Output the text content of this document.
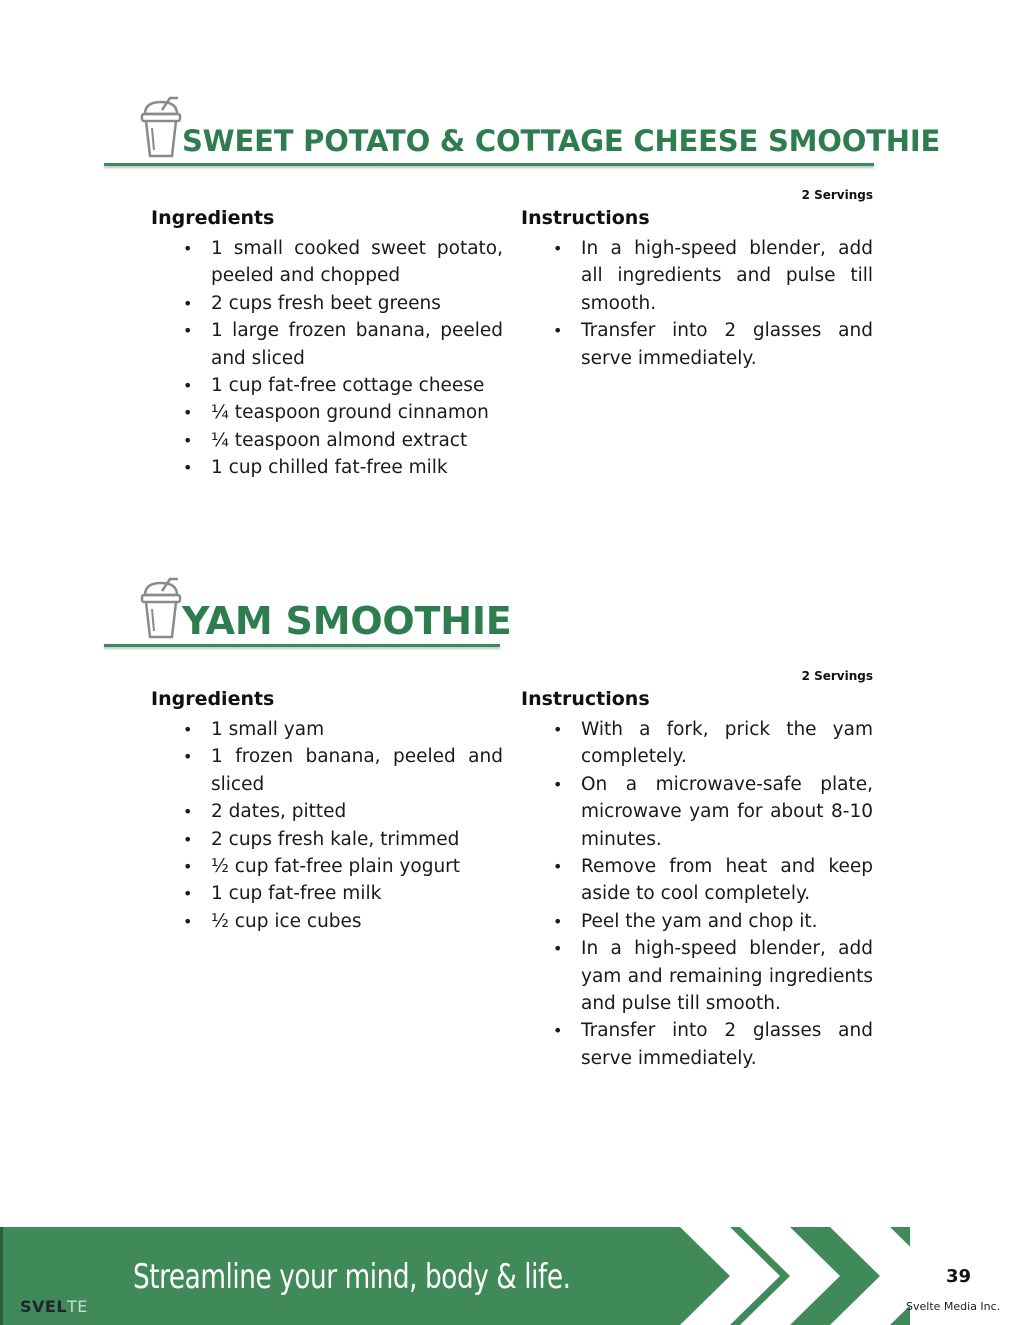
SWEET POTATO & COTTAGE CHEESE SMOOTHIE
2 Servings
Ingredients
• 1 small cooked sweet potato, peeled and chopped
• 2 cups fresh beet greens
• 1 large frozen banana, peeled and sliced
• 1 cup fat-free cottage cheese
• ¼ teaspoon ground cinnamon
• ¼ teaspoon almond extract
• 1 cup chilled fat-free milk
Instructions
• In a high-speed blender, add all ingredients and pulse till smooth.
• Transfer into 2 glasses and serve immediately.
YAM SMOOTHIE
2 Servings
Ingredients
• 1 small yam
• 1 frozen banana, peeled and sliced
• 2 dates, pitted
• 2 cups fresh kale, trimmed
• ½ cup fat-free plain yogurt
• 1 cup fat-free milk
• ½ cup ice cubes
Instructions
• With a fork, prick the yam completely.
• On a microwave-safe plate, microwave yam for about 8-10 minutes.
• Remove from heat and keep aside to cool completely.
• Peel the yam and chop it.
• In a high-speed blender, add yam and remaining ingredients and pulse till smooth.
• Transfer into 2 glasses and serve immediately.
Streamline your mind, body & life.
SVELTE
39
Svelte Media Inc.
